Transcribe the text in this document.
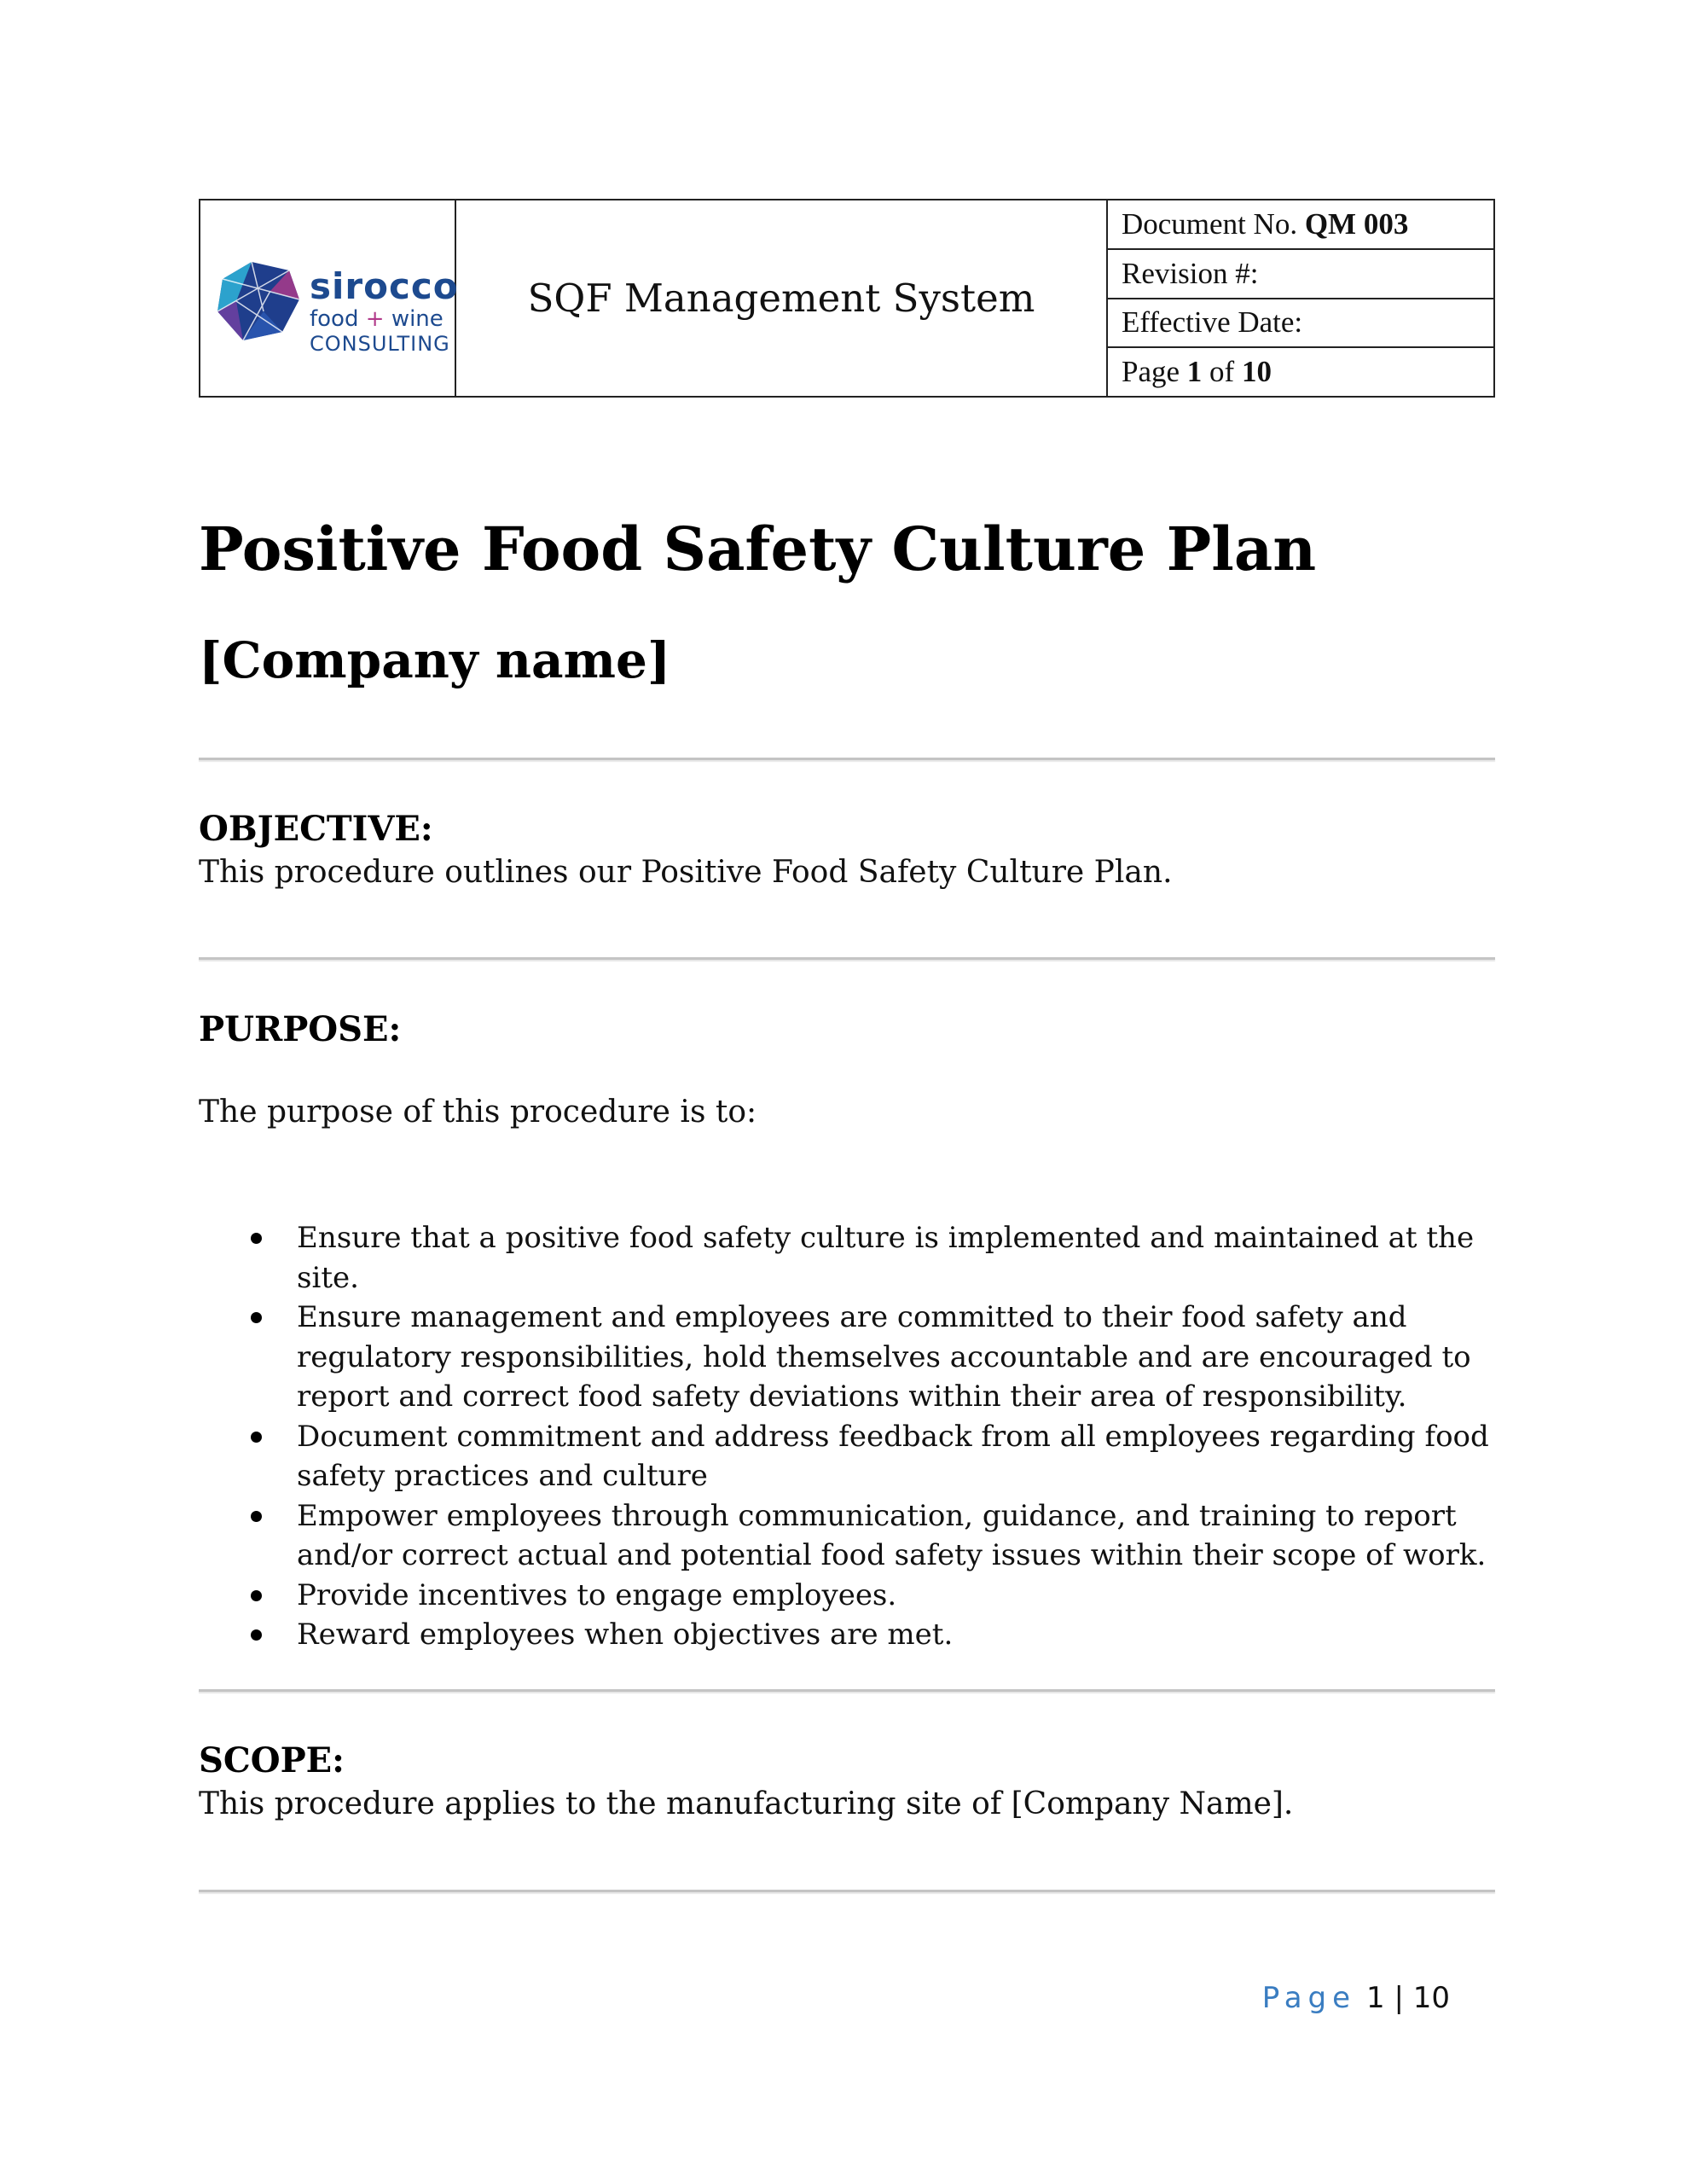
sirocco
food + wine
CONSULTING
SQF Management System
Document No.
QM 003
Revision #:
Effective Date:
Page
1
of
10
Positive Food Safety Culture Plan
[Company name]
OBJECTIVE:

This procedure outlines our Positive Food Safety Culture Plan.

PURPOSE:

The purpose of this procedure is to:

Ensure that a positive food safety culture is implemented and maintained at the site.
Ensure management and employees are committed to their food safety and regulatory responsibilities, hold themselves accountable and are encouraged to report and correct food safety deviations within their area of responsibility.
Document commitment and address feedback from all employees regarding food safety practices and culture
Empower employees through communication, guidance, and training to report and/or correct actual and potential food safety issues within their scope of work.
Provide incentives to engage employees.
Reward employees when objectives are met.
SCOPE:

This procedure applies to the manufacturing site of [Company Name].

Page 1 | 10
